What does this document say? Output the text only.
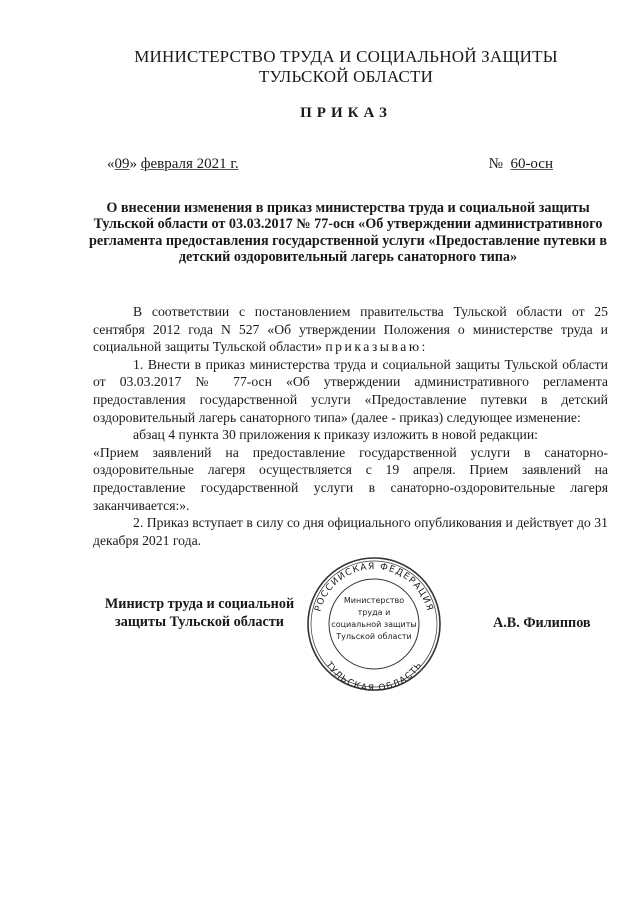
МИНИСТЕРСТВО ТРУДА И СОЦИАЛЬНОЙ ЗАЩИТЫ
ТУЛЬСКОЙ ОБЛАСТИ
ПРИКАЗ
«09» февраля 2021 г.	№ 60-осн
О внесении изменения в приказ министерства труда и социальной защиты Тульской области от 03.03.2017 № 77-осн «Об утверждении административного регламента предоставления государственной услуги «Предоставление путевки в детский оздоровительный лагерь санаторного типа»

В соответствии с постановлением правительства Тульской области от 25 сентября 2012 года N 527 «Об утверждении Положения о министерстве труда и социальной защиты Тульской области» приказываю:

1. Внести в приказ министерства труда и социальной защиты Тульской области от 03.03.2017 № 77-осн «Об утверждении административного регламента предоставления государственной услуги «Предоставление путевки в детский оздоровительный лагерь санаторного типа» (далее - приказ) следующее изменение:

абзац 4 пункта 30 приложения к приказу изложить в новой редакции:

«Прием заявлений на предоставление государственной услуги в санаторно-оздоровительные лагеря осуществляется с 19 апреля. Прием заявлений на предоставление государственной услуги в санаторно-оздоровительные лагеря заканчивается:».

2. Приказ вступает в силу со дня официального опубликования и действует до 31 декабря 2021 года.

Министр труда и социальной
защиты Тульской области	А.В. Филиппов
РОССИЙСКАЯ ФЕДЕРАЦИЯ
ТУЛЬСКАЯ ОБЛАСТЬ
Министерство
труда и
социальной защиты
Тульской области
